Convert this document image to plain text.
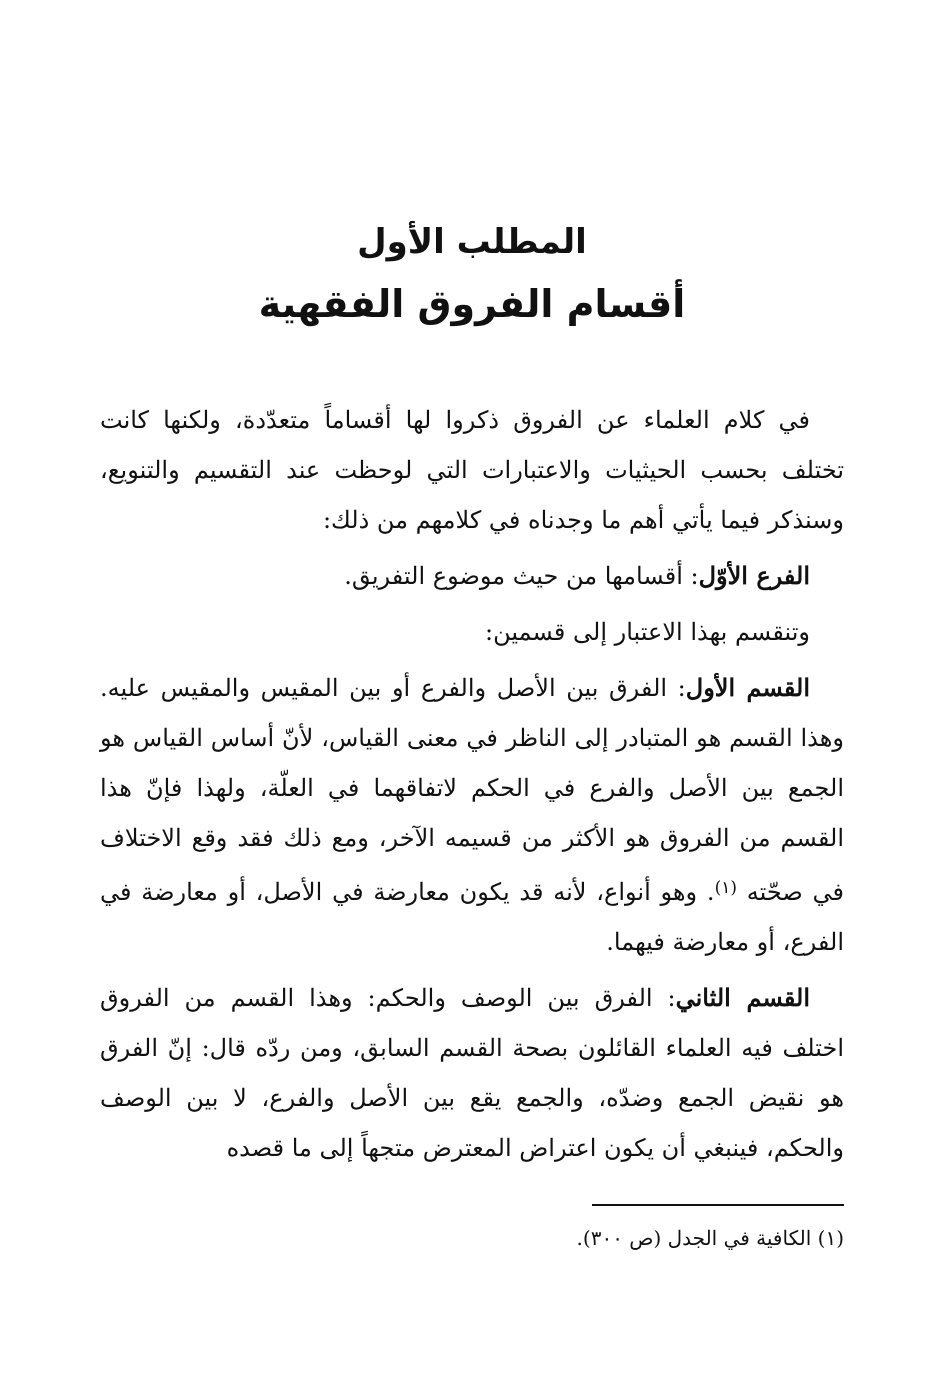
المطلب الأول
أقسام الفروق الفقهية

في كلام العلماء عن الفروق ذكروا لها أقساماً متعدّدة، ولكنها كانت تختلف بحسب الحيثيات والاعتبارات التي لوحظت عند التقسيم والتنويع، وسنذكر فيما يأتي أهم ما وجدناه في كلامهم من ذلك:

الفرع الأوّل: أقسامها من حيث موضوع التفريق.

وتنقسم بهذا الاعتبار إلى قسمين:

القسم الأول: الفرق بين الأصل والفرع أو بين المقيس والمقيس عليه. وهذا القسم هو المتبادر إلى الناظر في معنى القياس، لأنّ أساس القياس هو الجمع بين الأصل والفرع في الحكم لاتفاقهما في العلّة، ولهذا فإنّ هذا القسم من الفروق هو الأكثر من قسيمه الآخر، ومع ذلك فقد وقع الاختلاف في صحّته $^{(١)}$. وهو أنواع، لأنه قد يكون معارضة في الأصل، أو معارضة في الفرع، أو معارضة فيهما.

القسم الثاني: الفرق بين الوصف والحكم: وهذا القسم من الفروق اختلف فيه العلماء القائلون بصحة القسم السابق، ومن ردّه قال: إنّ الفرق هو نقيض الجمع وضدّه، والجمع يقع بين الأصل والفرع، لا بين الوصف والحكم، فينبغي أن يكون اعتراض المعترض متجهاً إلى ما قصده

(١) الكافية في الجدل (ص ٣٠٠).
